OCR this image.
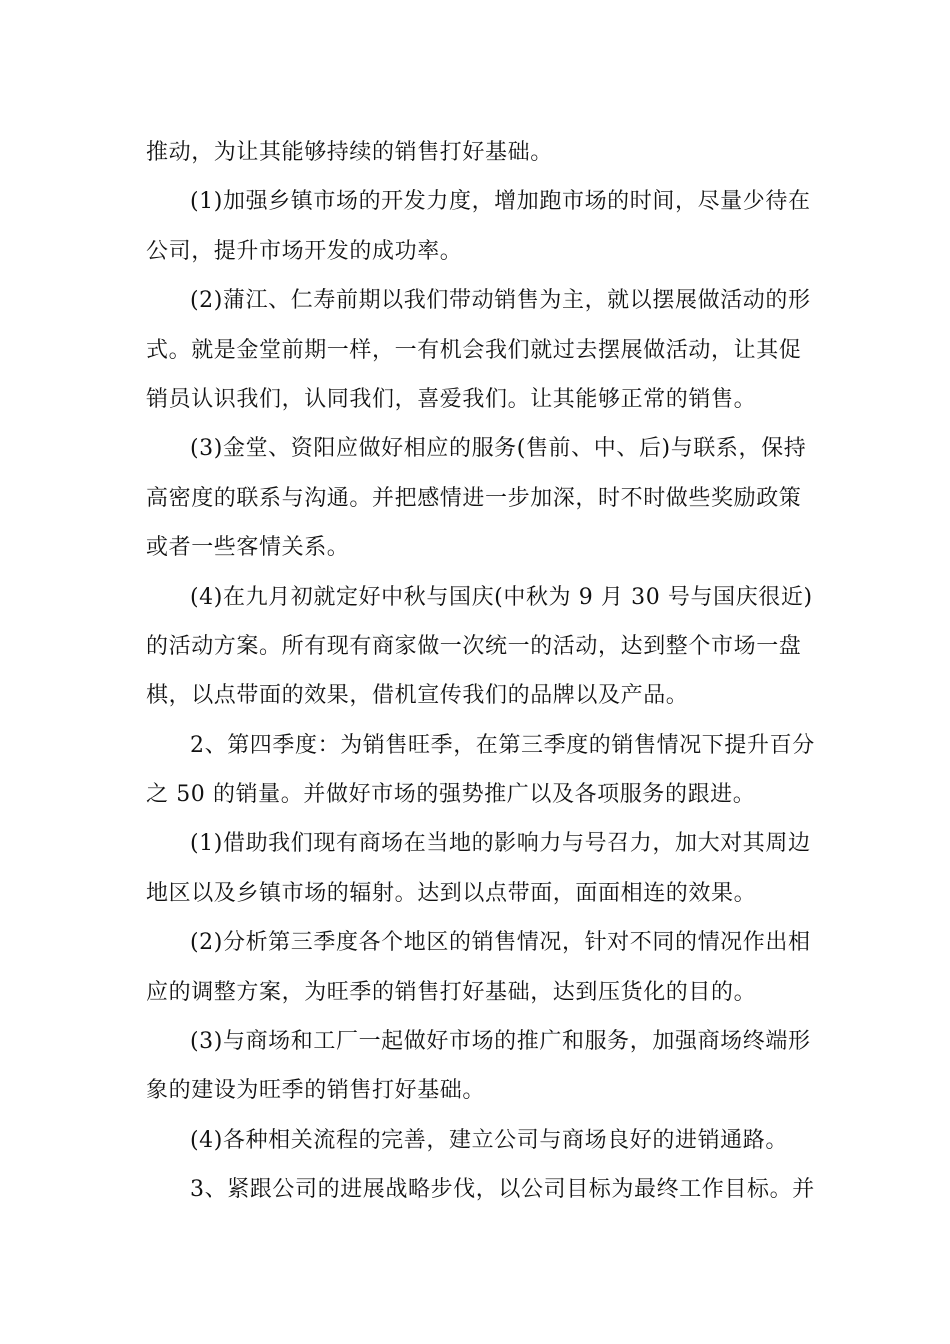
推动，为让其能够持续的销售打好基础。
(1)加强乡镇市场的开发力度，增加跑市场的时间，尽量少待在
公司，提升市场开发的成功率。
(2)蒲江、仁寿前期以我们带动销售为主，就以摆展做活动的形
式。就是金堂前期一样，一有机会我们就过去摆展做活动，让其促
销员认识我们，认同我们，喜爱我们。让其能够正常的销售。
(3)金堂、资阳应做好相应的服务(售前、中、后)与联系，保持
高密度的联系与沟通。并把感情进一步加深，时不时做些奖励政策
或者一些客情关系。
(4)在九月初就定好中秋与国庆(中秋为 9 月 30 号与国庆很近)
的活动方案。所有现有商家做一次统一的活动，达到整个市场一盘
棋，以点带面的效果，借机宣传我们的品牌以及产品。
2、第四季度：为销售旺季，在第三季度的销售情况下提升百分
之 50 的销量。并做好市场的强势推广以及各项服务的跟进。
(1)借助我们现有商场在当地的影响力与号召力，加大对其周边
地区以及乡镇市场的辐射。达到以点带面，面面相连的效果。
(2)分析第三季度各个地区的销售情况，针对不同的情况作出相
应的调整方案，为旺季的销售打好基础，达到压货化的目的。
(3)与商场和工厂一起做好市场的推广和服务，加强商场终端形
象的建设为旺季的销售打好基础。
(4)各种相关流程的完善，建立公司与商场良好的进销通路。
3、紧跟公司的进展战略步伐，以公司目标为最终工作目标。并
